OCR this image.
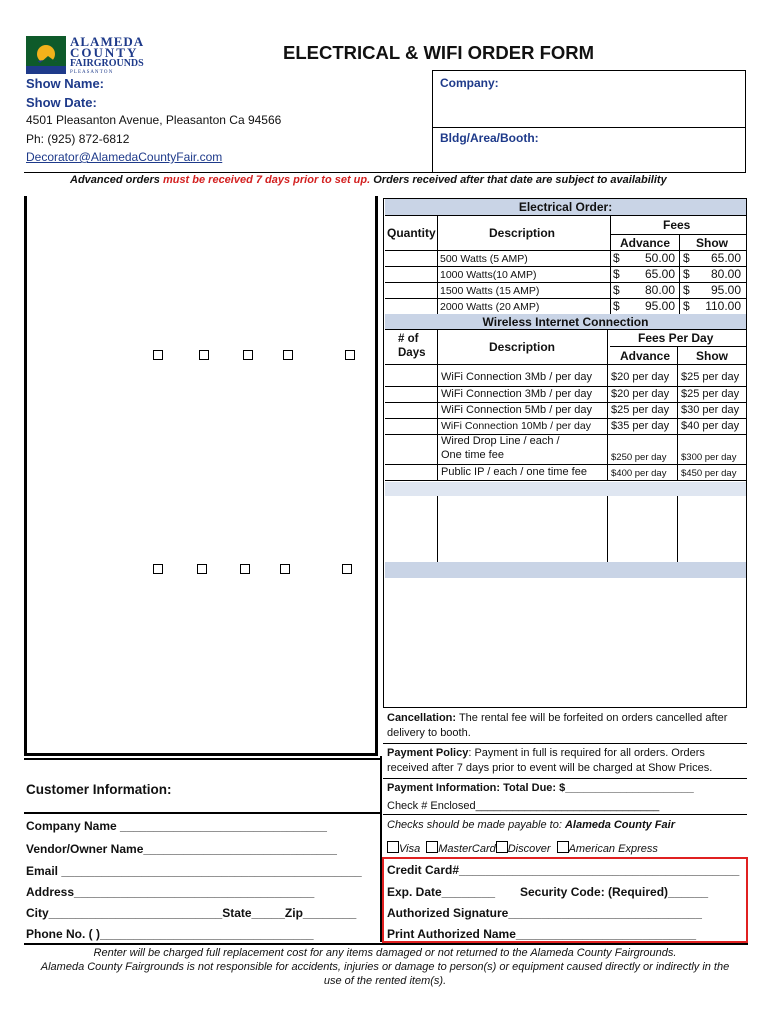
ALAMEDA
COUNTY
FAIRGROUNDS
P L E A S A N T O N
ELECTRICAL & WIFI ORDER FORM
Show Name:
Show Date:
4501 Pleasanton Avenue, Pleasanton Ca 94566
Ph: (925) 872-6812
Decorator@AlamedaCountyFair.com
Company:
Bldg/Area/Booth:
Advanced orders must be received 7 days prior to set up. Orders received after that date are subject to availability
Electrical Order:
Quantity	Description
Fees
Advance Show
500 Watts (5 AMP)	$	50.00 $	65.00
1000 Watts(10 AMP)	$	65.00 $	80.00
1500 Watts (15 AMP)	$	80.00 $	95.00
2000 Watts (20 AMP)	$	95.00 $	110.00
Wireless Internet Connection
# of
Days	Description
Fees Per Day
Advance Show
WiFi Connection 3Mb / per day $20 per day $25 per day
WiFi Connection 3Mb / per day $20 per day $25 per day
WiFi Connection 5Mb / per day $25 per day $30 per day
WiFi Connection 10Mb / per day $35 per day $40 per day
Wired Drop Line / each /
One time fee	$250 per day $300 per day
Public IP / each / one time fee	$400 per day $450 per day
Cancellation: The rental fee will be forfeited on orders cancelled after
delivery to booth.
Payment Policy: Payment in full is required for all orders. Orders
received after 7 days prior to event will be charged at Show Prices.
Payment Information: Total Due: $_____________________
Check # Enclosed______________________________
Checks should be made payable to: Alameda County Fair
Visa MasterCard Discover American Express
Credit Card#__________________________________________
Exp. Date________ Security Code: (Required)______
Authorized Signature_____________________________
Print Authorized Name___________________________
Customer Information:
Company Name _______________________________
Vendor/Owner Name_____________________________
Email _____________________________________________
Address____________________________________
City__________________________State_____Zip________
Phone No. ( )________________________________
Renter will be charged full replacement cost for any items damaged or not returned to the Alameda County Fairgrounds.
Alameda County Fairgrounds is not responsible for accidents, injuries or damage to person(s) or equipment caused directly or indirectly in the
use of the rented item(s).
